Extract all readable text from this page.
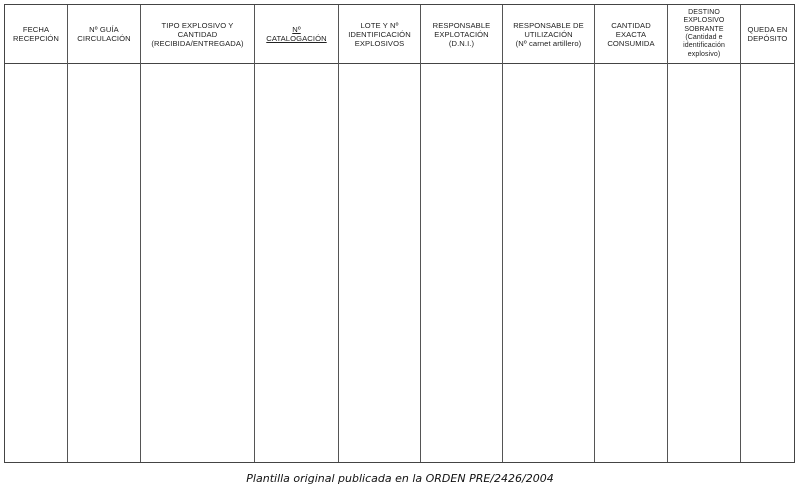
FECHA
RECEPCIÓN
Nº GUÍA
CIRCULACIÓN
TIPO EXPLOSIVO Y
CANTIDAD
(RECIBIDA/ENTREGADA)
Nº
CATALOGACIÓN
LOTE Y Nº
IDENTIFICACIÓN
EXPLOSIVOS
RESPONSABLE
EXPLOTACIÓN
(D.N.I.)
RESPONSABLE DE
UTILIZACIÓN
(Nº carnet artillero)
CANTIDAD
EXACTA
CONSUMIDA
DESTINO
EXPLOSIVO
SOBRANTE
(Cantidad e
identificación
explosivo)
QUEDA EN
DEPÓSITO
Plantilla original publicada en la ORDEN PRE/2426/2004
